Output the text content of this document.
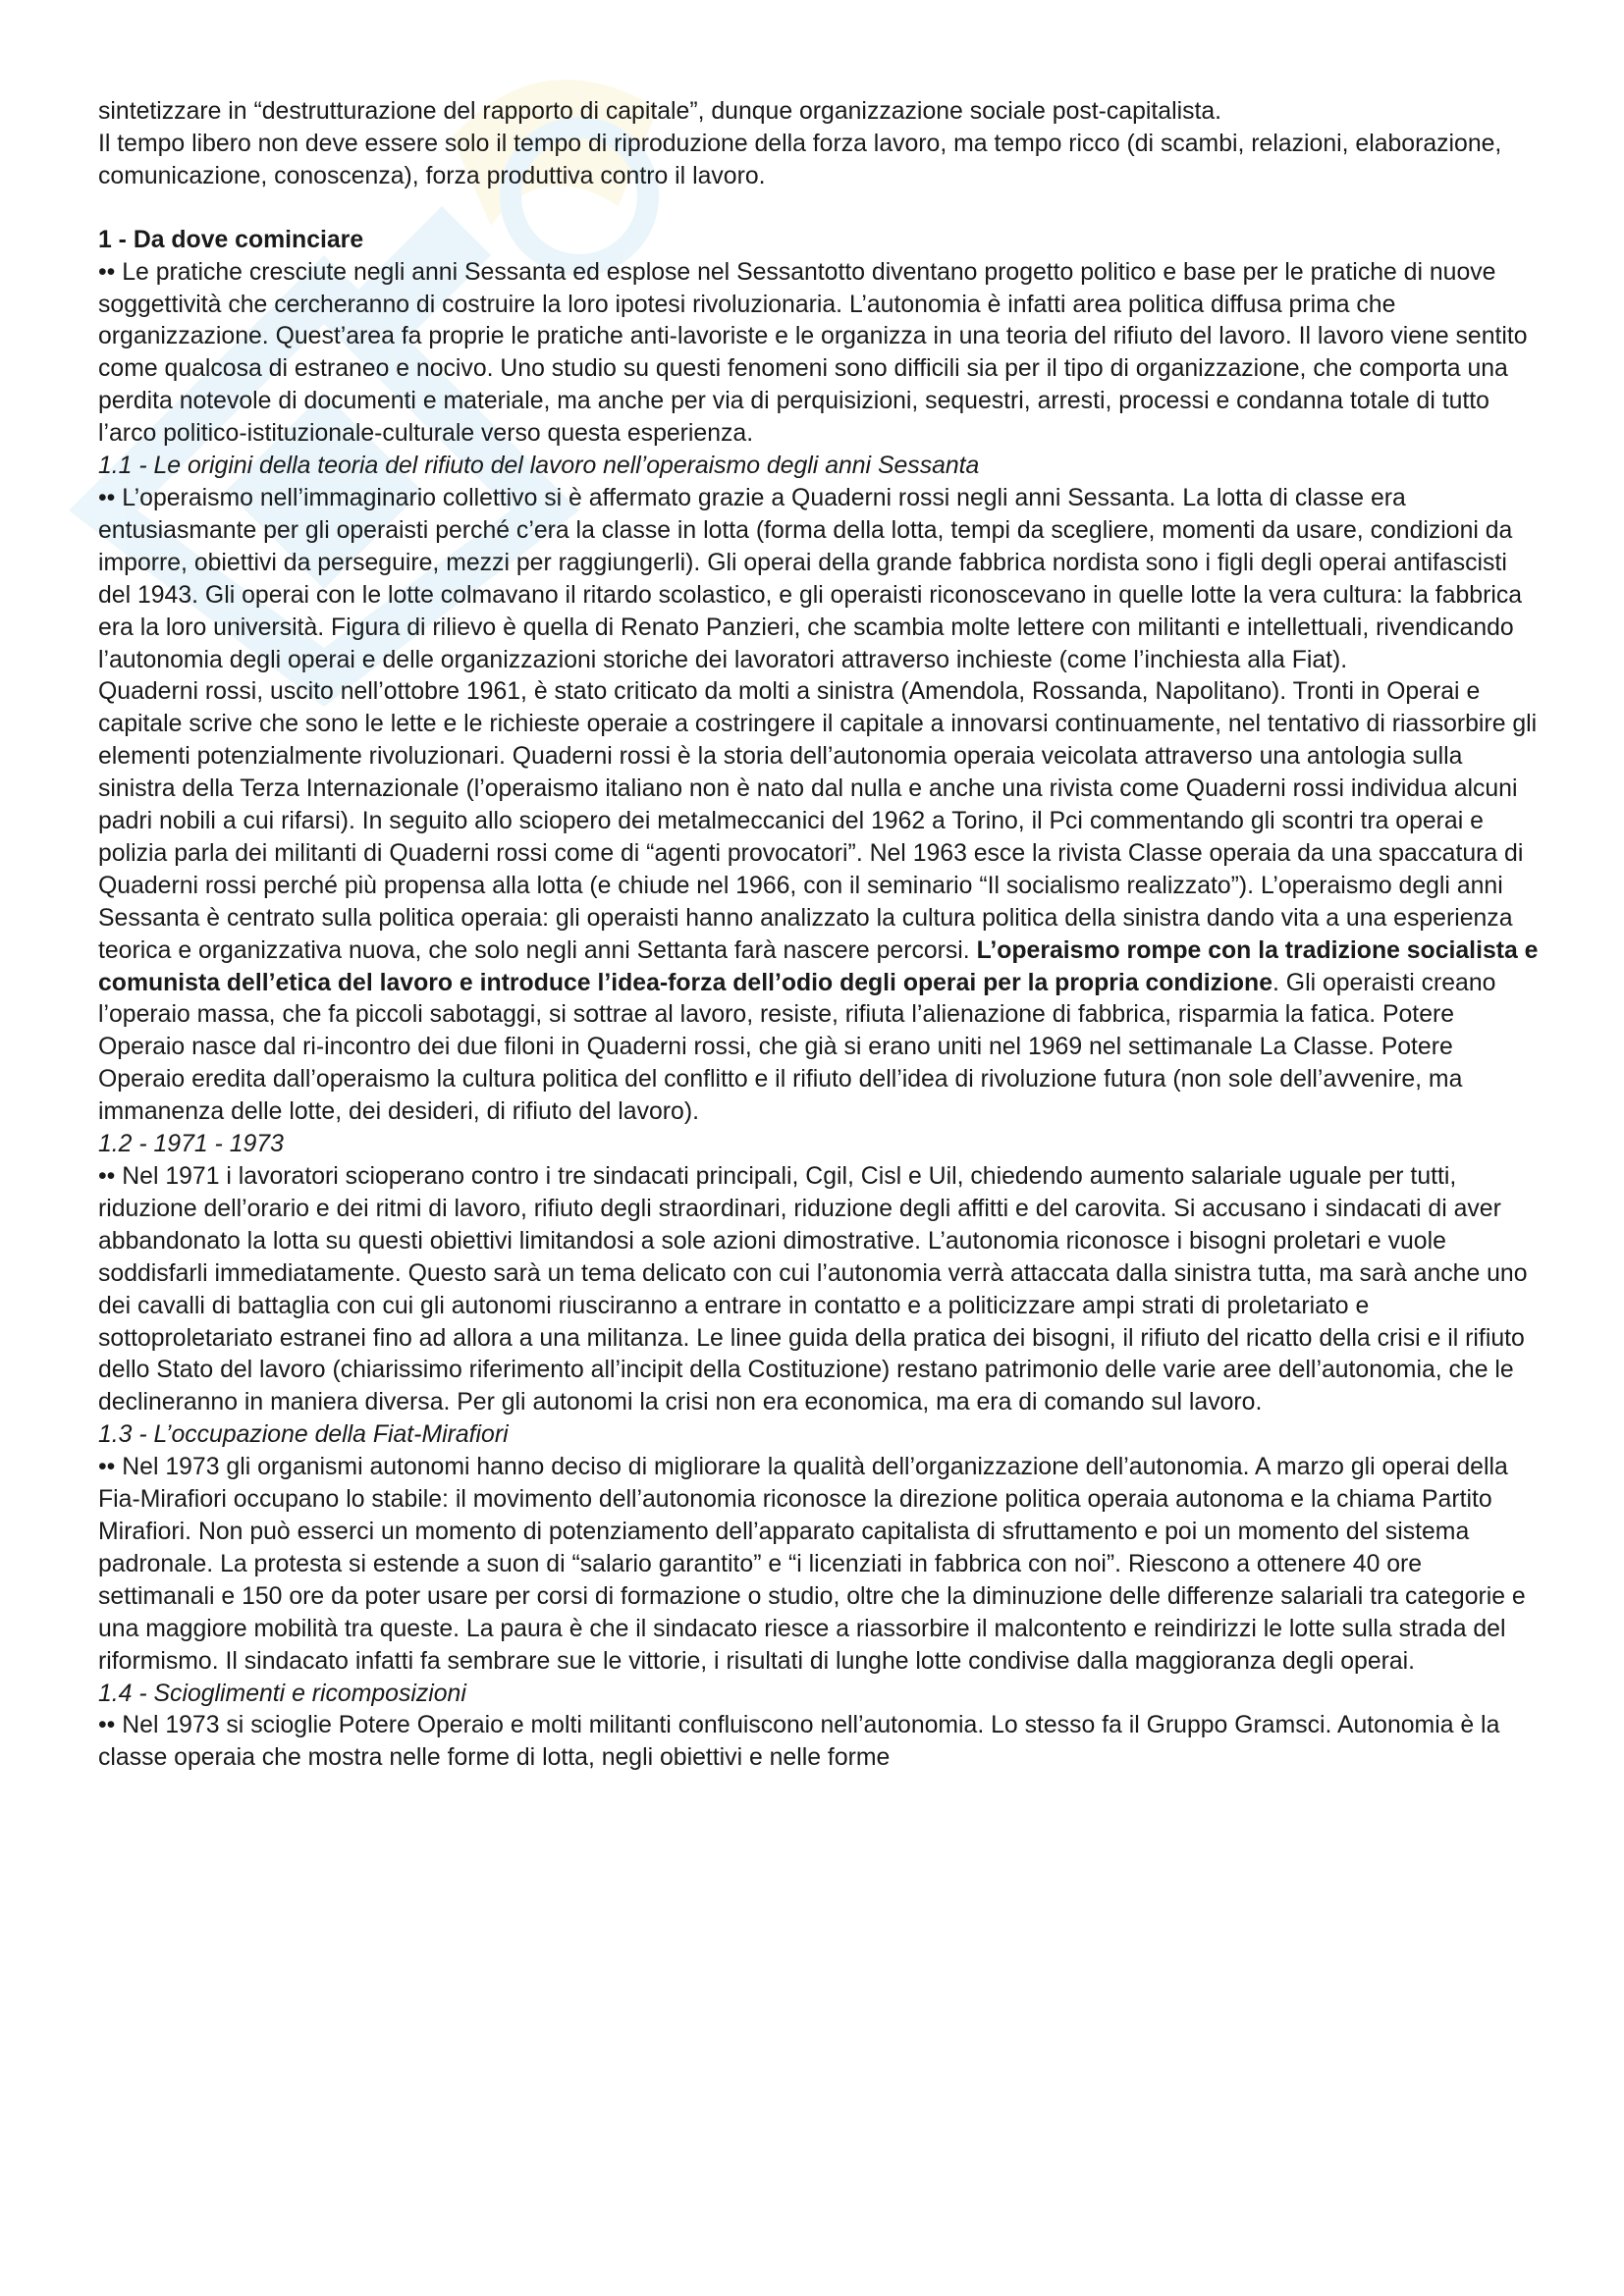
sintetizzare in “destrutturazione del rapporto di capitale”, dunque organizzazione sociale post-capitalista.

Il tempo libero non deve essere solo il tempo di riproduzione della forza lavoro, ma tempo ricco (di scambi, relazioni, elaborazione, comunicazione, conoscenza), forza produttiva contro il lavoro.

1 - Da dove cominciare

•• Le pratiche cresciute negli anni Sessanta ed esplose nel Sessantotto diventano progetto politico e base per le pratiche di nuove soggettività che cercheranno di costruire la loro ipotesi rivoluzionaria. L’autonomia è infatti area politica diffusa prima che organizzazione. Quest’area fa proprie le pratiche anti-lavoriste e le organizza in una teoria del rifiuto del lavoro. Il lavoro viene sentito come qualcosa di estraneo e nocivo. Uno studio su questi fenomeni sono difficili sia per il tipo di organizzazione, che comporta una perdita notevole di documenti e materiale, ma anche per via di perquisizioni, sequestri, arresti, processi e condanna totale di tutto l’arco politico-istituzionale-culturale verso questa esperienza.

1.1 - Le origini della teoria del rifiuto del lavoro nell’operaismo degli anni Sessanta

•• L’operaismo nell’immaginario collettivo si è affermato grazie a Quaderni rossi negli anni Sessanta. La lotta di classe era entusiasmante per gli operaisti perché c’era la classe in lotta (forma della lotta, tempi da scegliere, momenti da usare, condizioni da imporre, obiettivi da perseguire, mezzi per raggiungerli). Gli operai della grande fabbrica nordista sono i figli degli operai antifascisti del 1943. Gli operai con le lotte colmavano il ritardo scolastico, e gli operaisti riconoscevano in quelle lotte la vera cultura: la fabbrica era la loro università. Figura di rilievo è quella di Renato Panzieri, che scambia molte lettere con militanti e intellettuali, rivendicando l’autonomia degli operai e delle organizzazioni storiche dei lavoratori attraverso inchieste (come l’inchiesta alla Fiat).

Quaderni rossi, uscito nell’ottobre 1961, è stato criticato da molti a sinistra (Amendola, Rossanda, Napolitano). Tronti in Operai e capitale scrive che sono le lette e le richieste operaie a costringere il capitale a innovarsi continuamente, nel tentativo di riassorbire gli elementi potenzialmente rivoluzionari. Quaderni rossi è la storia dell’autonomia operaia veicolata attraverso una antologia sulla sinistra della Terza Internazionale (l’operaismo italiano non è nato dal nulla e anche una rivista come Quaderni rossi individua alcuni padri nobili a cui rifarsi). In seguito allo sciopero dei metalmeccanici del 1962 a Torino, il Pci commentando gli scontri tra operai e polizia parla dei militanti di Quaderni rossi come di “agenti provocatori”. Nel 1963 esce la rivista Classe operaia da una spaccatura di Quaderni rossi perché più propensa alla lotta (e chiude nel 1966, con il seminario “Il socialismo realizzato”). L’operaismo degli anni Sessanta è centrato sulla politica operaia: gli operaisti hanno analizzato la cultura politica della sinistra dando vita a una esperienza teorica e organizzativa nuova, che solo negli anni Settanta farà nascere percorsi. L’operaismo rompe con la tradizione socialista e comunista dell’etica del lavoro e introduce l’idea-forza dell’odio degli operai per la propria condizione. Gli operaisti creano l’operaio massa, che fa piccoli sabotaggi, si sottrae al lavoro, resiste, rifiuta l’alienazione di fabbrica, risparmia la fatica. Potere Operaio nasce dal ri-incontro dei due filoni in Quaderni rossi, che già si erano uniti nel 1969 nel settimanale La Classe. Potere Operaio eredita dall’operaismo la cultura politica del conflitto e il rifiuto dell’idea di rivoluzione futura (non sole dell’avvenire, ma immanenza delle lotte, dei desideri, di rifiuto del lavoro).

1.2 - 1971 - 1973

•• Nel 1971 i lavoratori scioperano contro i tre sindacati principali, Cgil, Cisl e Uil, chiedendo aumento salariale uguale per tutti, riduzione dell’orario e dei ritmi di lavoro, rifiuto degli straordinari, riduzione degli affitti e del carovita. Si accusano i sindacati di aver abbandonato la lotta su questi obiettivi limitandosi a sole azioni dimostrative. L’autonomia riconosce i bisogni proletari e vuole soddisfarli immediatamente. Questo sarà un tema delicato con cui l’autonomia verrà attaccata dalla sinistra tutta, ma sarà anche uno dei cavalli di battaglia con cui gli autonomi riusciranno a entrare in contatto e a politicizzare ampi strati di proletariato e sottoproletariato estranei fino ad allora a una militanza. Le linee guida della pratica dei bisogni, il rifiuto del ricatto della crisi e il rifiuto dello Stato del lavoro (chiarissimo riferimento all’incipit della Costituzione) restano patrimonio delle varie aree dell’autonomia, che le declineranno in maniera diversa. Per gli autonomi la crisi non era economica, ma era di comando sul lavoro.

1.3 - L’occupazione della Fiat-Mirafiori

•• Nel 1973 gli organismi autonomi hanno deciso di migliorare la qualità dell’organizzazione dell’autonomia. A marzo gli operai della Fia-Mirafiori occupano lo stabile: il movimento dell’autonomia riconosce la direzione politica operaia autonoma e la chiama Partito Mirafiori. Non può esserci un momento di potenziamento dell’apparato capitalista di sfruttamento e poi un momento del sistema padronale. La protesta si estende a suon di “salario garantito” e “i licenziati in fabbrica con noi”. Riescono a ottenere 40 ore settimanali e 150 ore da poter usare per corsi di formazione o studio, oltre che la diminuzione delle differenze salariali tra categorie e una maggiore mobilità tra queste. La paura è che il sindacato riesce a riassorbire il malcontento e reindirizzi le lotte sulla strada del riformismo. Il sindacato infatti fa sembrare sue le vittorie, i risultati di lunghe lotte condivise dalla maggioranza degli operai.

1.4 - Scioglimenti e ricomposizioni

•• Nel 1973 si scioglie Potere Operaio e molti militanti confluiscono nell’autonomia. Lo stesso fa il Gruppo Gramsci. Autonomia è la classe operaia che mostra nelle forme di lotta, negli obiettivi e nelle forme
